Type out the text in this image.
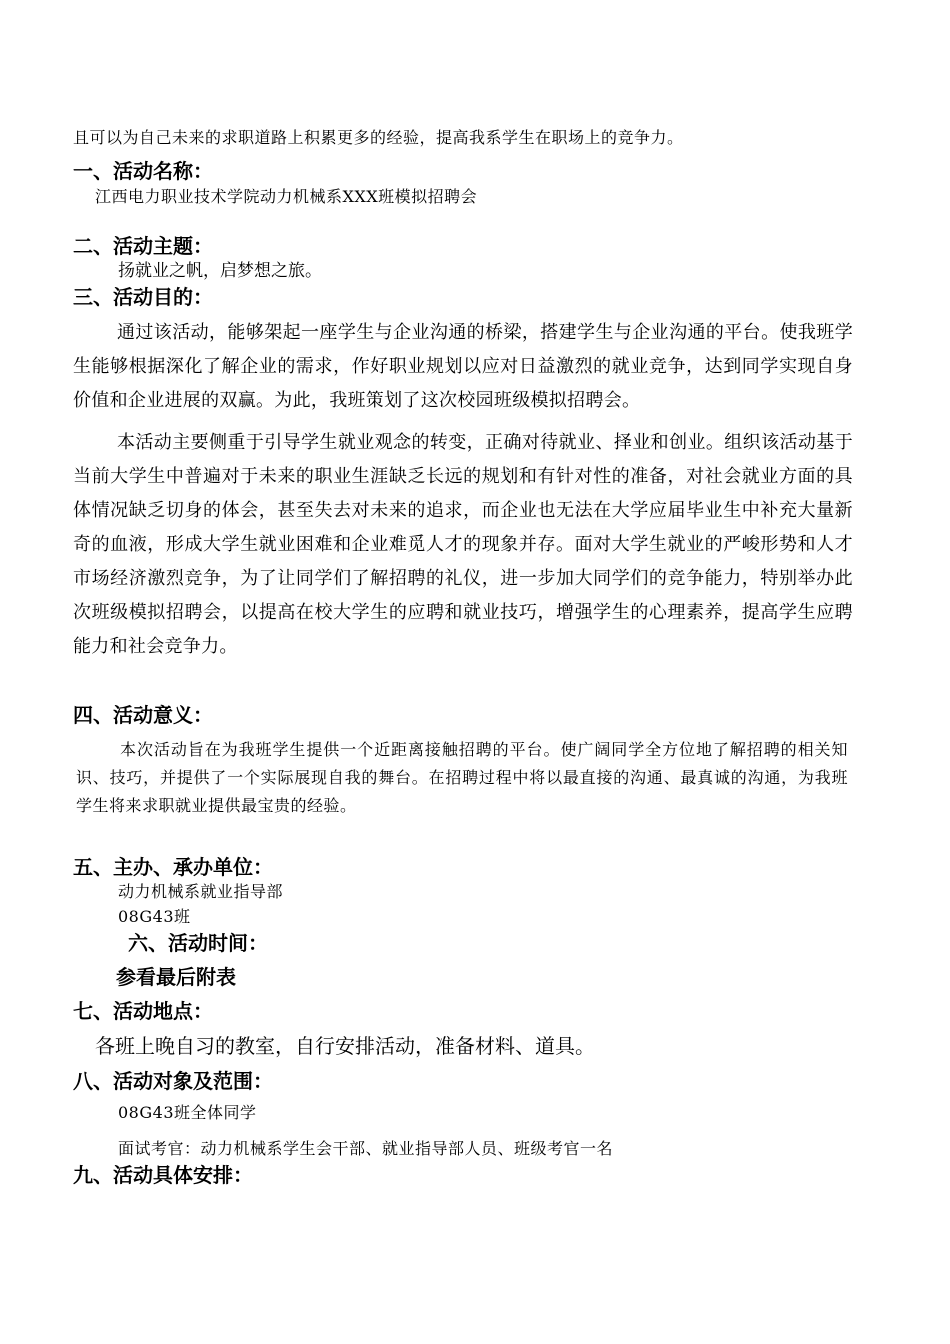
且可以为自己未来的求职道路上积累更多的经验，提高我系学生在职场上的竞争力。
一、活动名称：
江西电力职业技术学院动力机械系XXX班模拟招聘会
二、活动主题：
扬就业之帆，启梦想之旅。
三、活动目的：
通过该活动，能够架起一座学生与企业沟通的桥梁，搭建学生与企业沟通的平台。使我班学生能够根据深化了解企业的需求，作好职业规划以应对日益激烈的就业竞争，达到同学实现自身价值和企业进展的双赢。为此，我班策划了这次校园班级模拟招聘会。
本活动主要侧重于引导学生就业观念的转变，正确对待就业、择业和创业。组织该活动基于当前大学生中普遍对于未来的职业生涯缺乏长远的规划和有针对性的准备，对社会就业方面的具体情况缺乏切身的体会，甚至失去对未来的追求，而企业也无法在大学应届毕业生中补充大量新奇的血液，形成大学生就业困难和企业难觅人才的现象并存。面对大学生就业的严峻形势和人才市场经济激烈竞争，为了让同学们了解招聘的礼仪，进一步加大同学们的竞争能力，特别举办此次班级模拟招聘会，以提高在校大学生的应聘和就业技巧，增强学生的心理素养，提高学生应聘能力和社会竞争力。
四、活动意义：
本次活动旨在为我班学生提供一个近距离接触招聘的平台。使广阔同学全方位地了解招聘的相关知识、技巧，并提供了一个实际展现自我的舞台。在招聘过程中将以最直接的沟通、最真诚的沟通，为我班学生将来求职就业提供最宝贵的经验。
五、主办、承办单位：
动力机械系就业指导部
08G43班
六、活动时间：
参看最后附表
七、活动地点：
各班上晚自习的教室，自行安排活动，准备材料、道具。
八、活动对象及范围：
08G43班全体同学
面试考官：动力机械系学生会干部、就业指导部人员、班级考官一名
九、活动具体安排：
